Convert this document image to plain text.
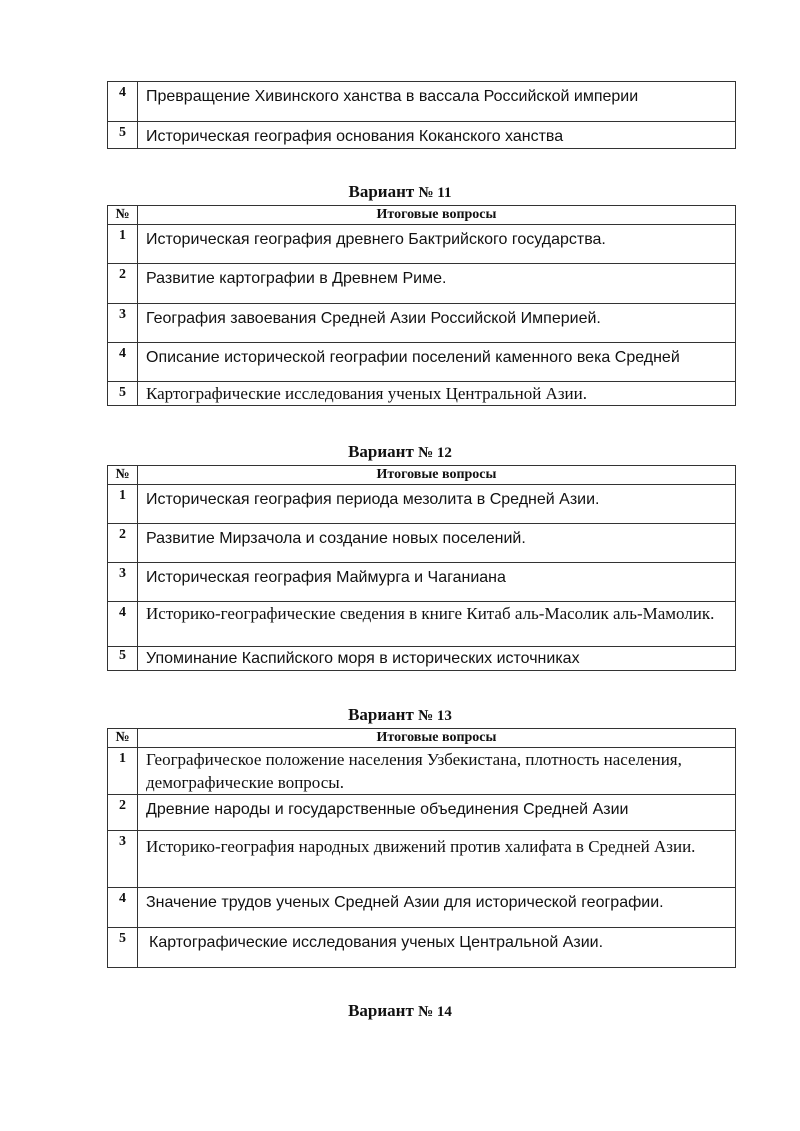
4	Превращение Хивинского ханства в вассала Российской империи
5	Историческая география основания Коканского ханства
Вариант № 11
№	Итоговые вопросы
1	Историческая география древнего Бактрийского государства.
2	Развитие картографии в Древнем Риме.
3	География завоевания Средней Азии Российской Империей.
4	Описание исторической географии поселений каменного века Средней
5	Картографические исследования ученых Центральной Азии.
Вариант № 12
№	Итоговые вопросы
1	Историческая география периода мезолита в Средней Азии.
2	Развитие Мирзачола и создание новых поселений.
3	Историческая география Маймурга и Чаганиана
4	Историко-географические сведения в книге Китаб аль-Масолик аль-Мамолик.
5	Упоминание Каспийского моря в исторических источниках
Вариант № 13
№	Итоговые вопросы
1	Географическое положение населения Узбекистана, плотность населения, демографические вопросы.
2	Древние народы и государственные объединения Средней Азии
3	Историко-география народных движений против халифата в Средней Азии.
4	Значение трудов ученых Средней Азии для исторической географии.
5	Картографические исследования ученых Центральной Азии.
Вариант № 14
